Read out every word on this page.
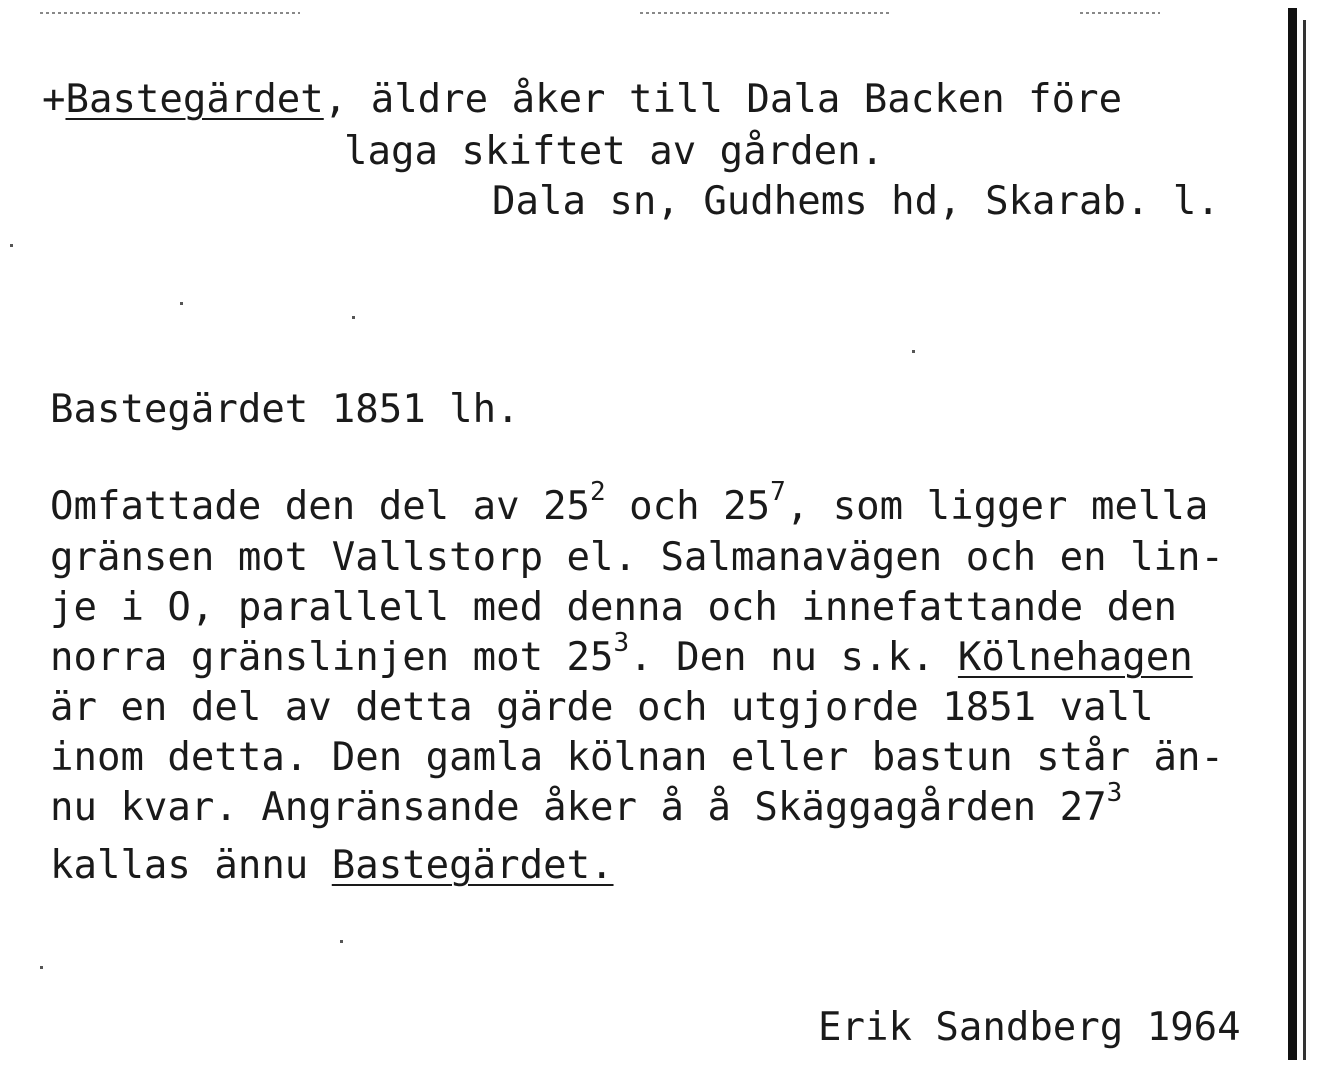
+Bastegärdet, äldre åker till Dala Backen före
laga skiftet av gården.
Dala sn, Gudhems hd, Skarab. l.
Bastegärdet 1851 lh.
Omfattade den del av $25^2$ och $25^7$, som ligger mella
gränsen mot Vallstorp el. Salmanavägen och en lin-
je i O, parallell med denna och innefattande den
norra gränslinjen mot $25^3$. Den nu s.k. Kölnehagen
är en del av detta gärde och utgjorde 1851 vall
inom detta. Den gamla kölnan eller bastun står än-
nu kvar. Angränsande åker å å Skäggagården $27^3$
kallas ännu Bastegärdet.
Erik Sandberg 1964
